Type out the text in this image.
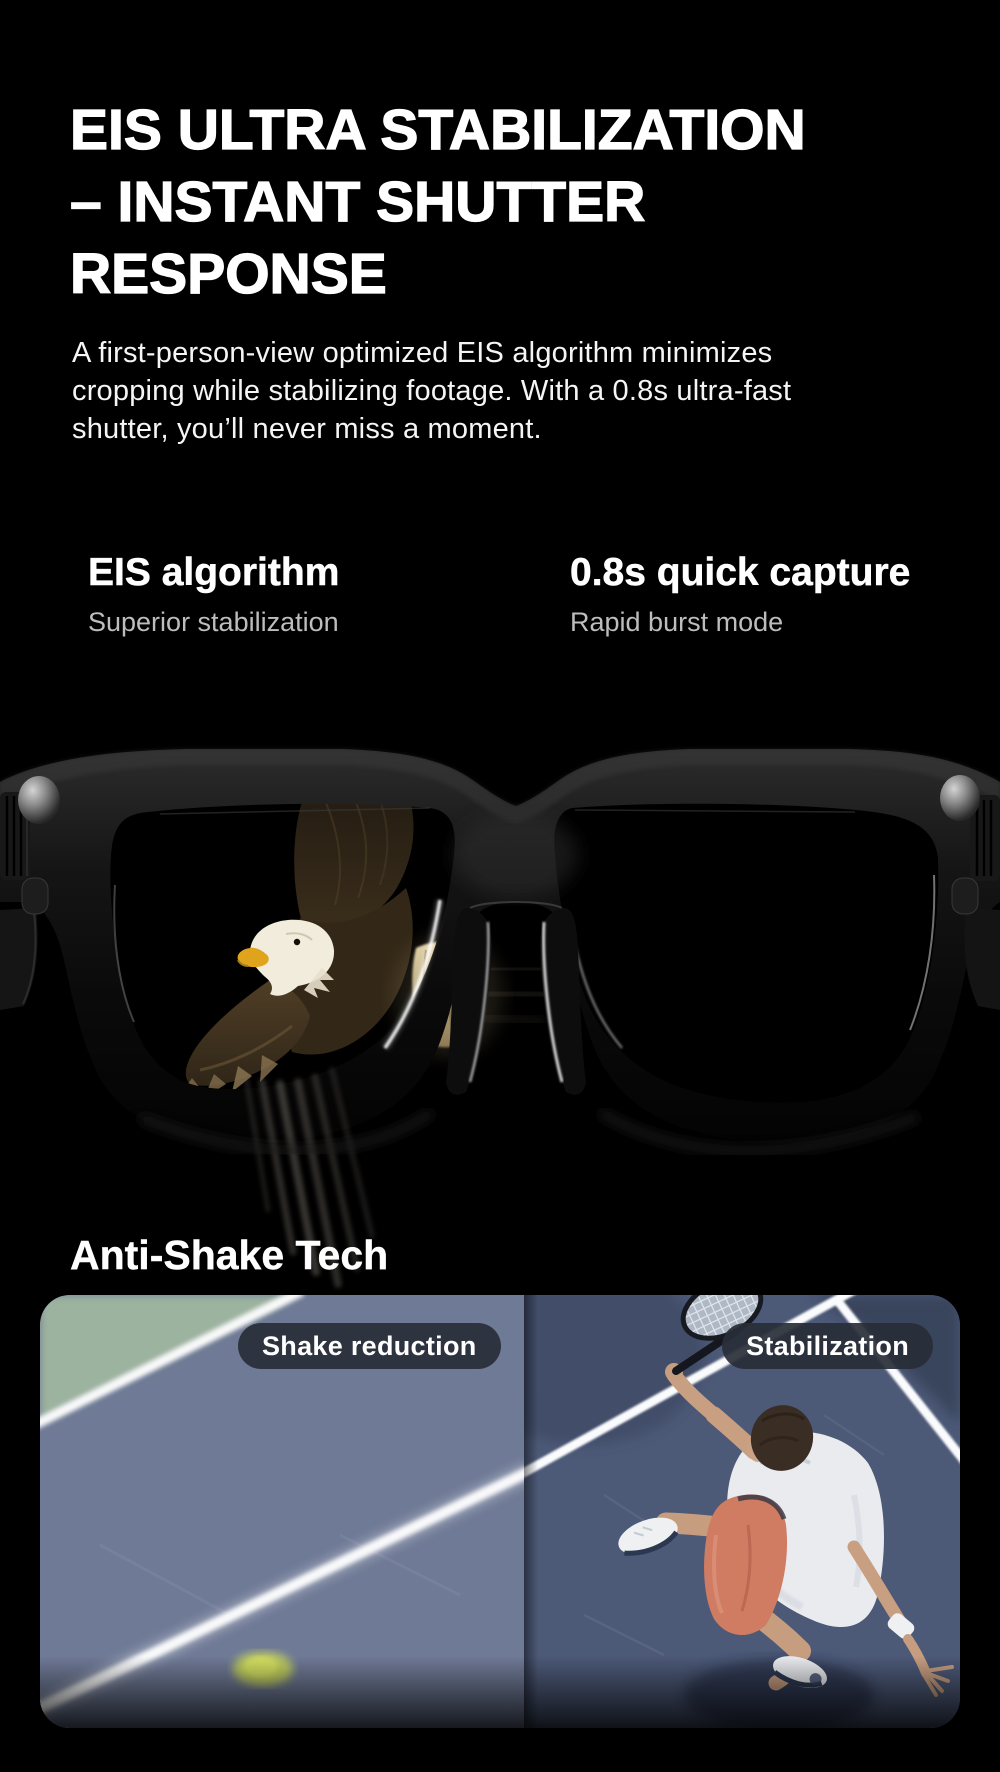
EIS ULTRA STABILIZATION
– INSTANT SHUTTER
RESPONSE
A first-person-view optimized EIS algorithm minimizes
cropping while stabilizing footage. With a 0.8s ultra-fast
shutter, you’ll never miss a moment.
EIS algorithm
Superior stabilization
0.8s quick capture
Rapid burst mode
Anti-Shake Tech
Shake reduction	Stabilization
